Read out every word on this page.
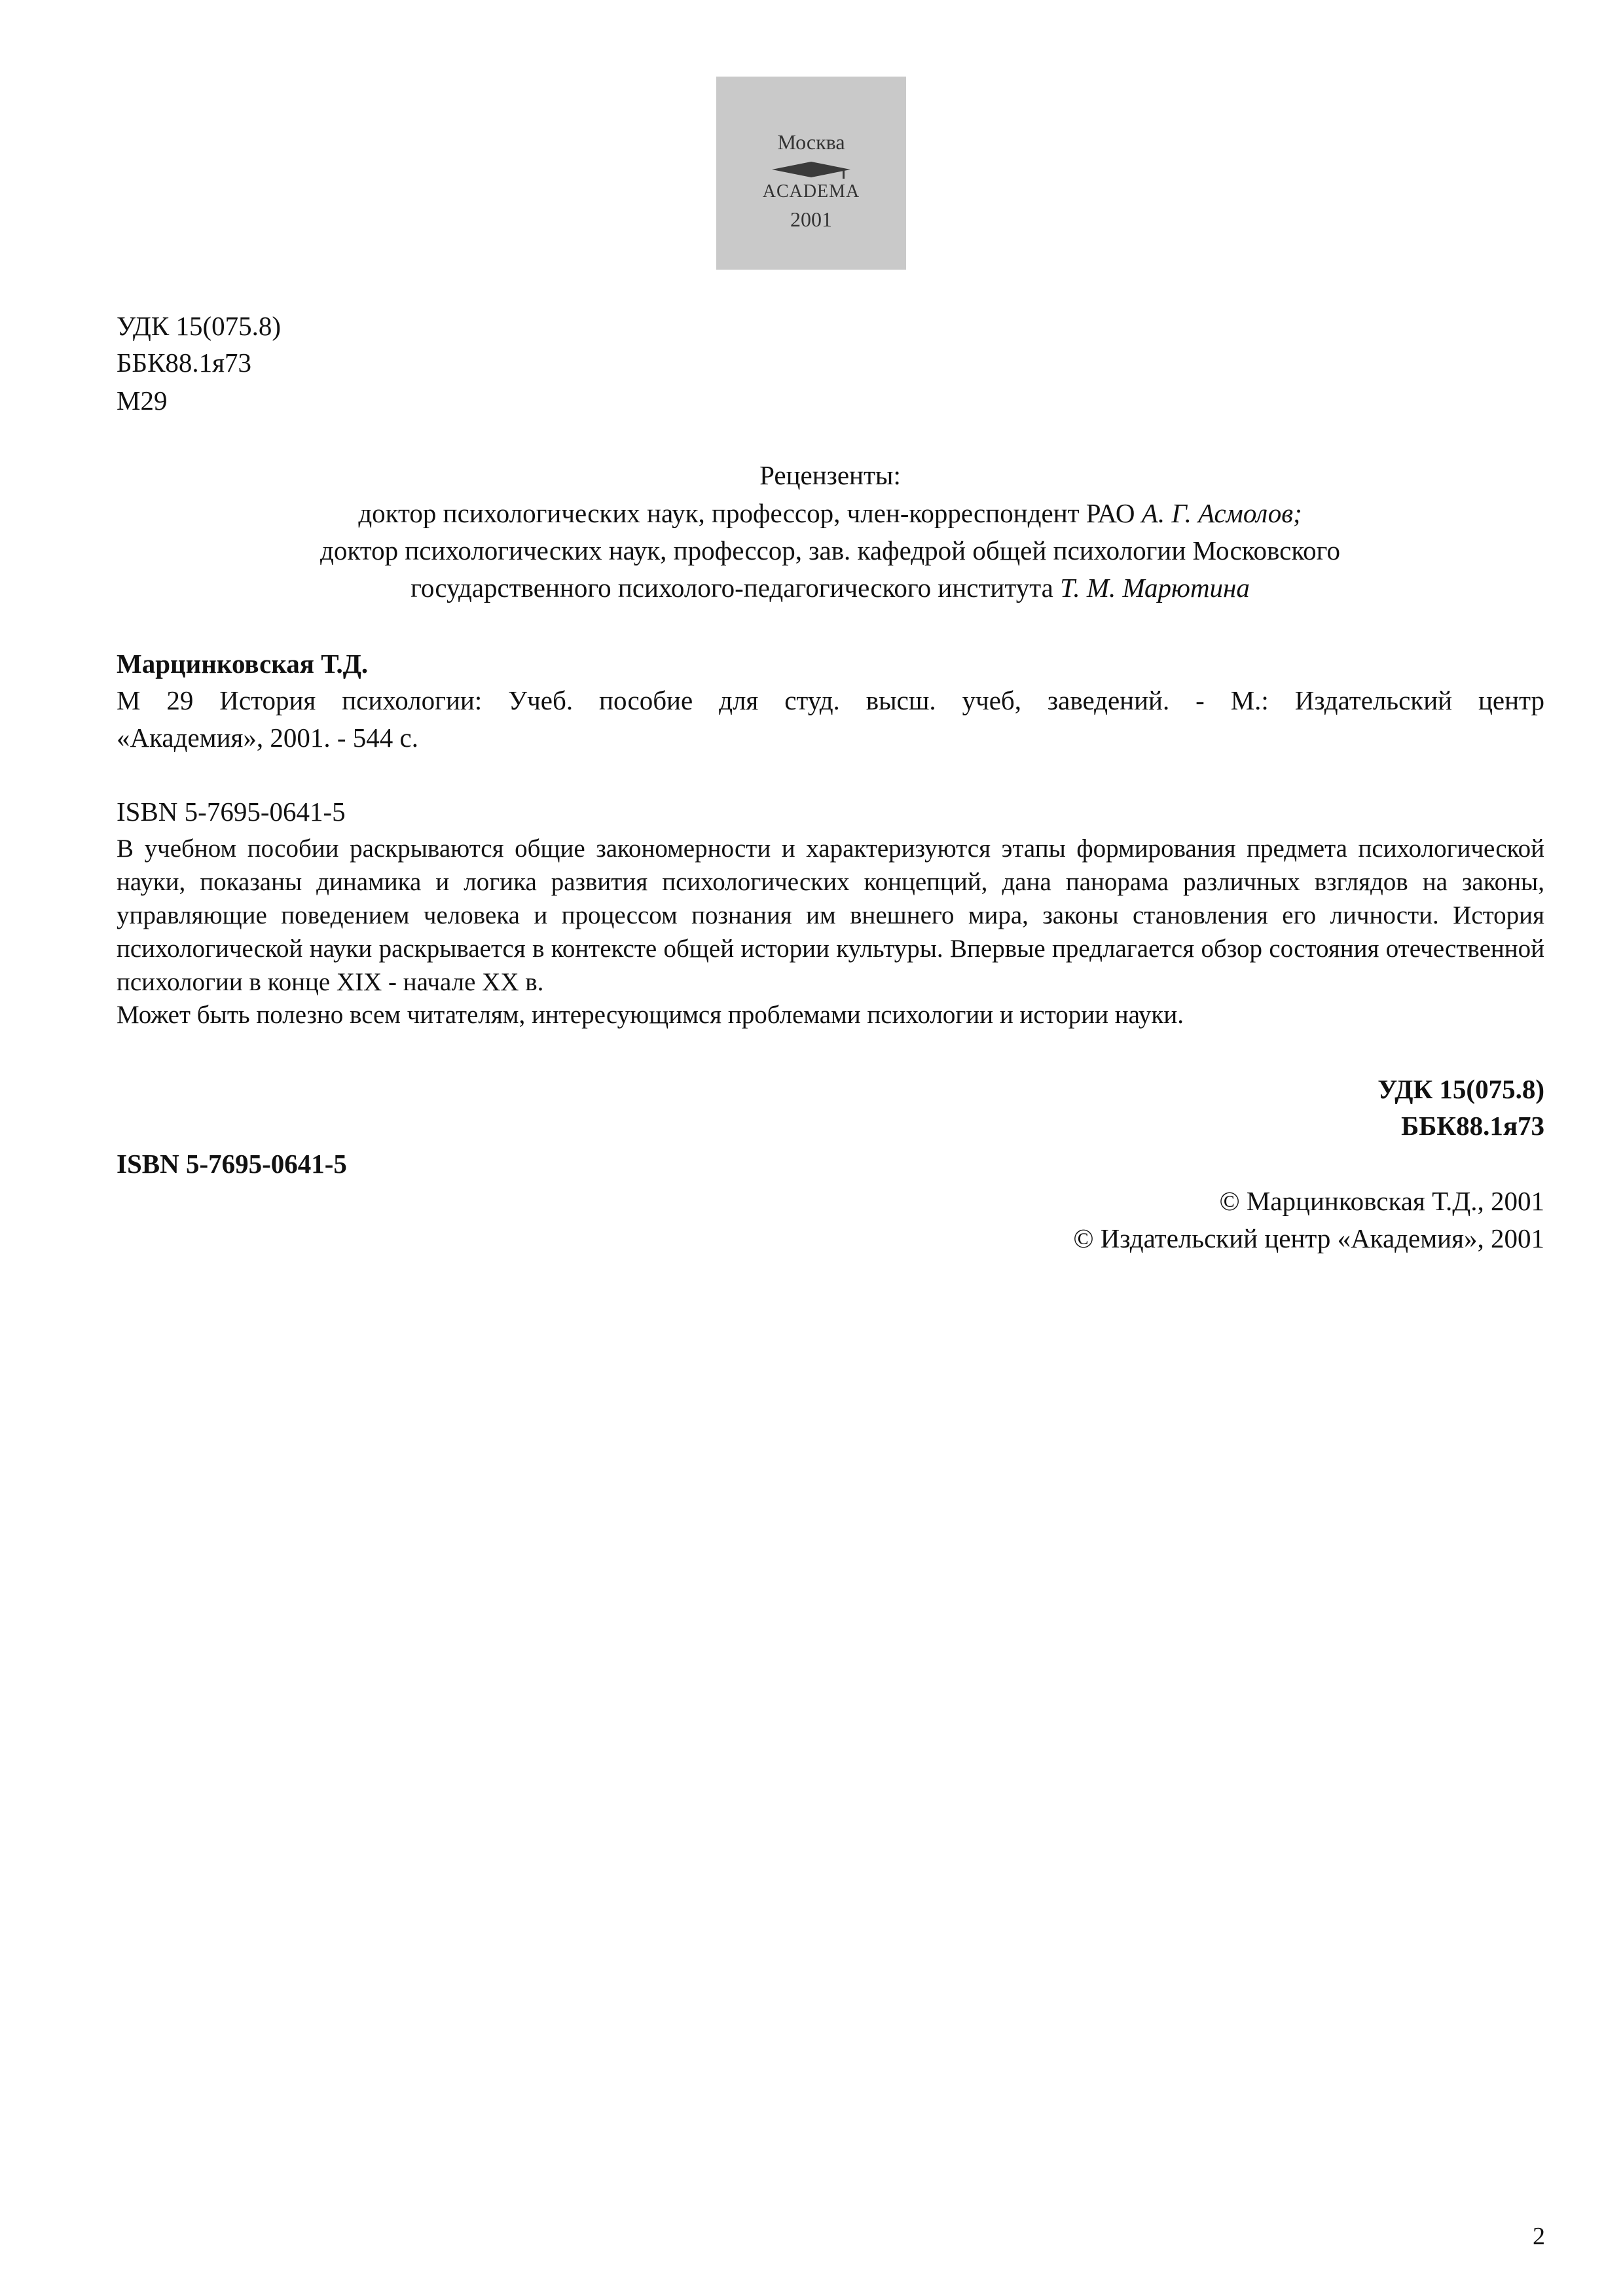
Москва
ACADEMA
2001
УДК 15(075.8)
ББК88.1я73
М29
Рецензенты:
доктор психологических наук, профессор, член-корреспондент РАО А. Г. Асмолов;
доктор психологических наук, профессор, зав. кафедрой общей психологии Московского
государственного психолого-педагогического института Т. М. Марютина
Марцинковская Т.Д.
М 29 История психологии: Учеб. пособие для студ. высш. учеб, заведений. - М.: Издательский центр
«Академия», 2001. - 544 с.
ISBN 5-7695-0641-5
В учебном пособии раскрываются общие закономерности и характеризуются этапы формирования предмета психологической науки, показаны динамика и логика развития психологических концепций, дана панорама различных взглядов на законы, управляющие поведением человека и процессом познания им внешнего мира, законы становления его личности. История психологической науки раскрывается в контексте общей истории культуры. Впервые предлагается обзор состояния отечественной психологии в конце XIX - начале XX в.
Может быть полезно всем читателям, интересующимся проблемами психологии и истории науки.
УДК 15(075.8)
ББК88.1я73
ISBN 5-7695-0641-5
© Марцинковская Т.Д., 2001
© Издательский центр «Академия», 2001
2
